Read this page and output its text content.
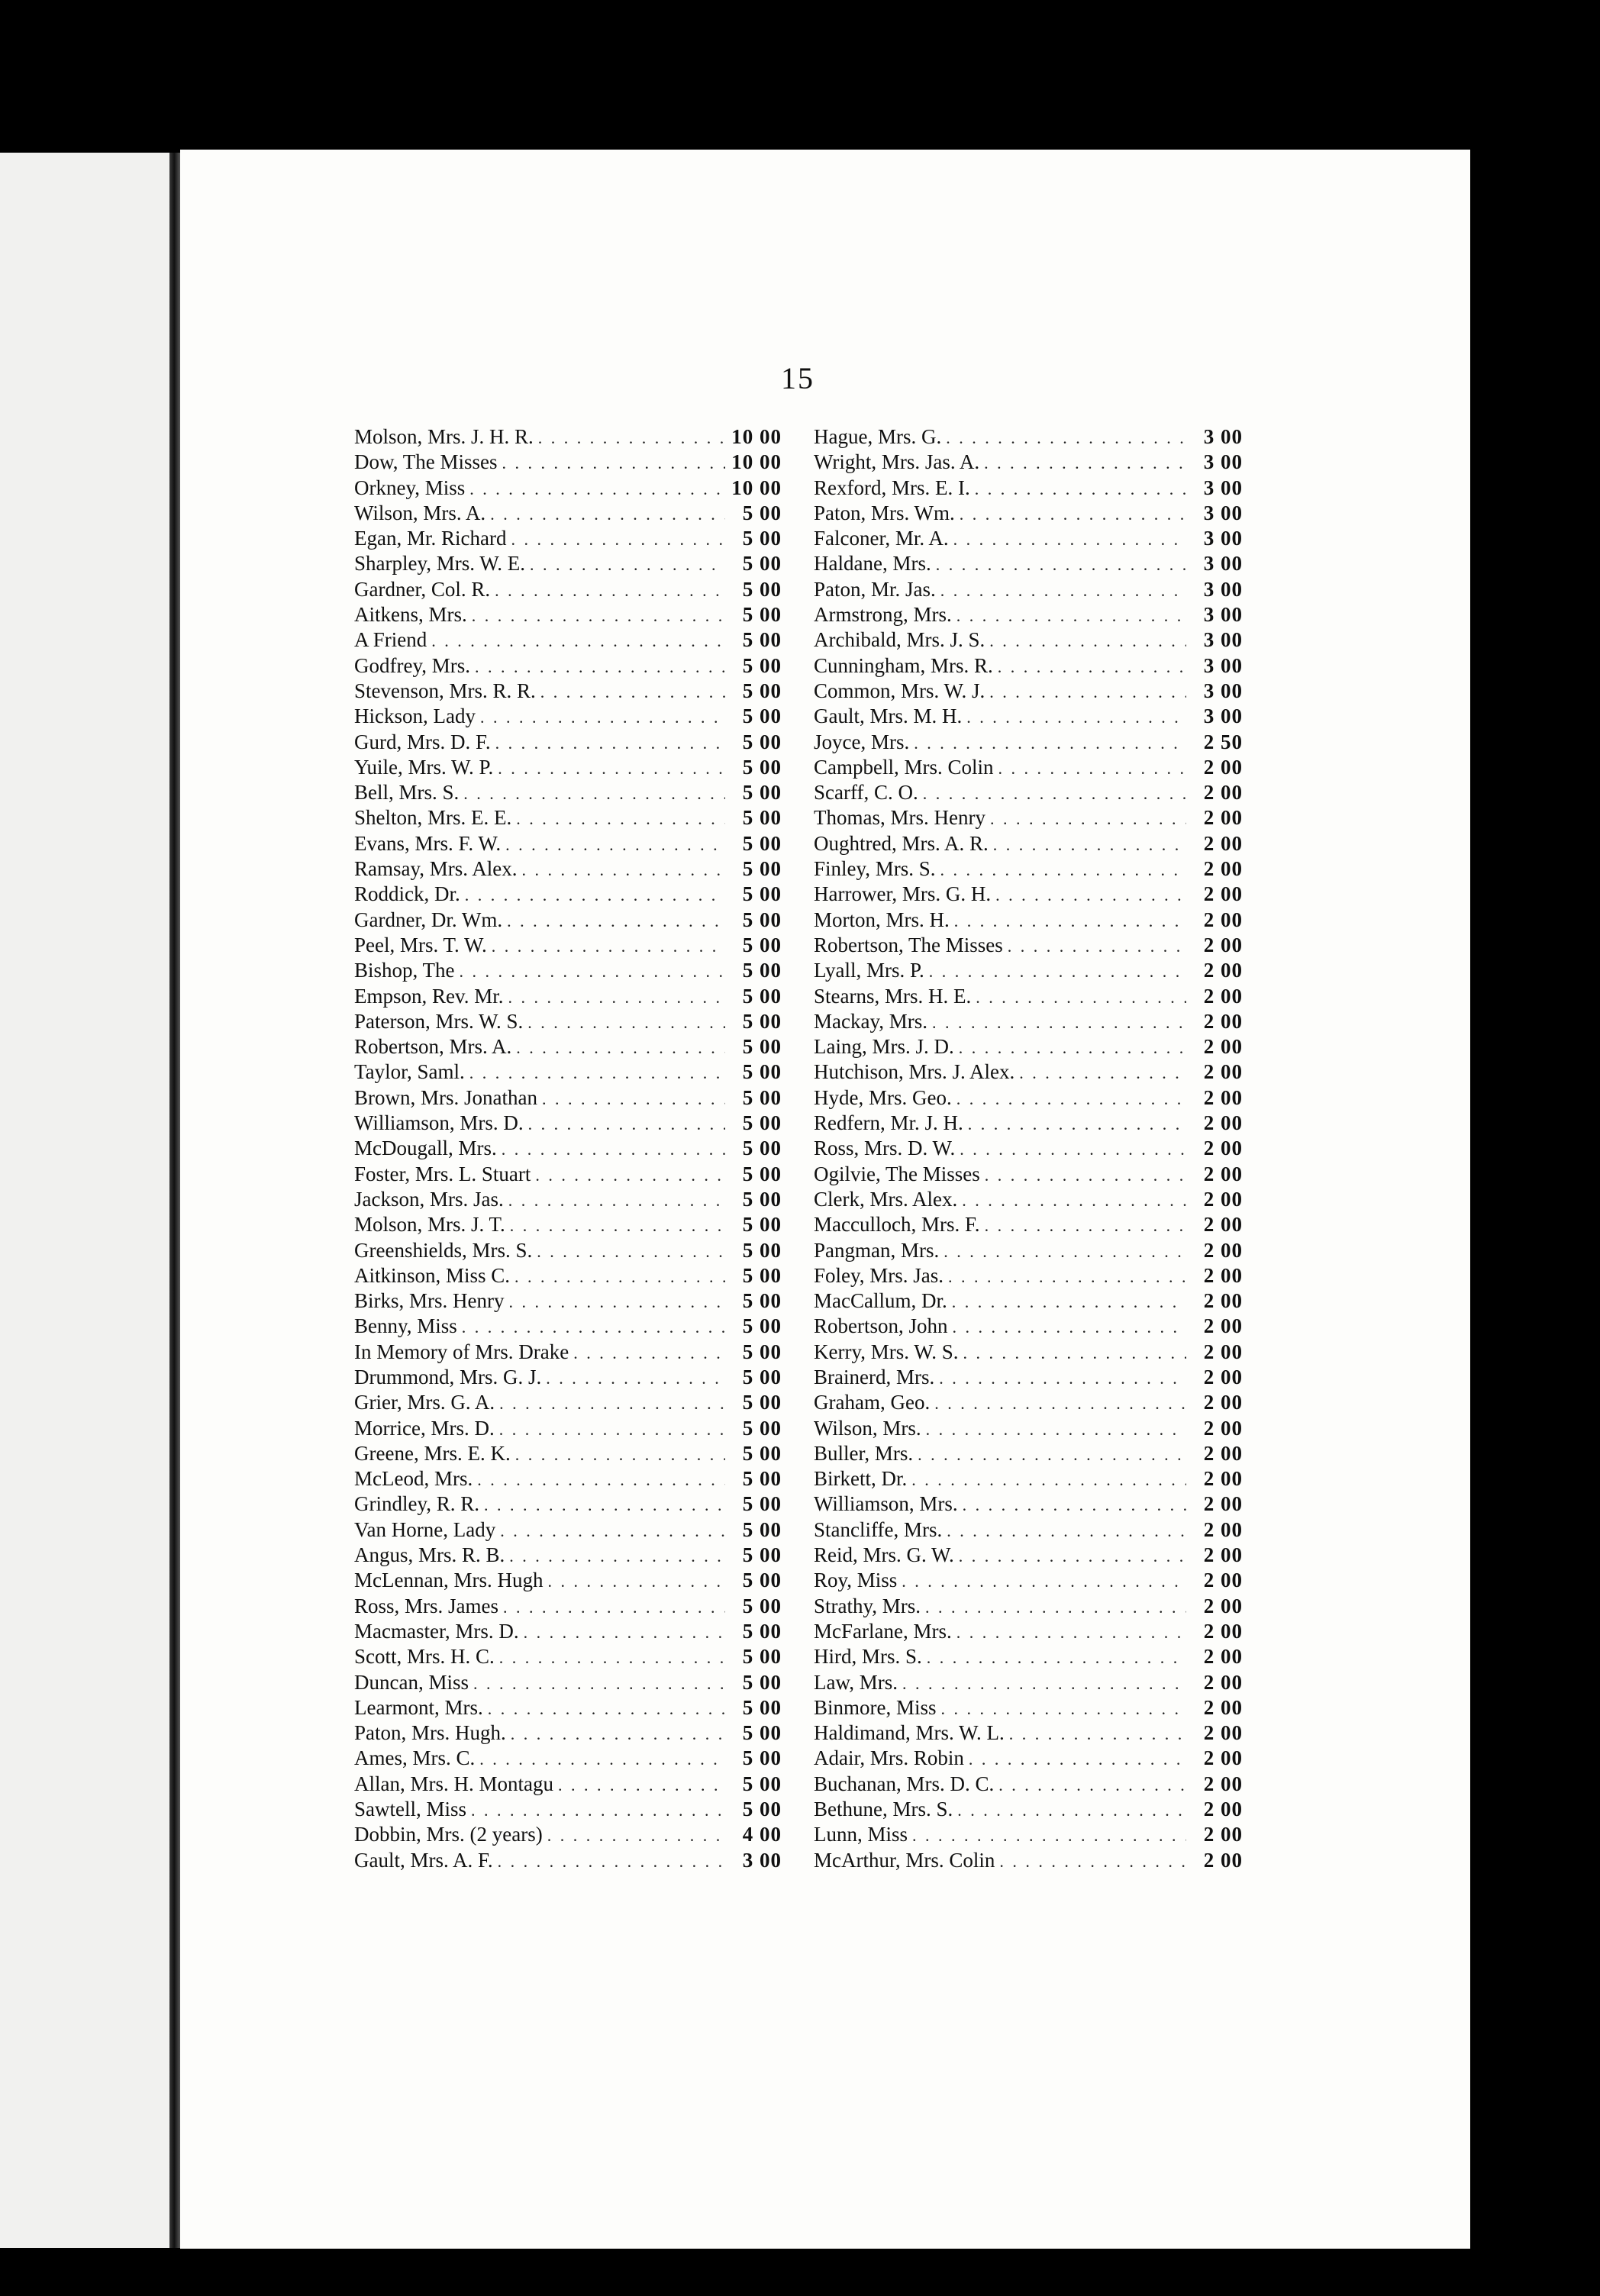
15
Molson, Mrs. J. H. R. . . .	10 00
Dow, The Misses . . .	10 00
Orkney, Miss . . .	10 00
Wilson, Mrs. A. . . .	5 00
Egan, Mr. Richard . . .	5 00
Sharpley, Mrs. W. E. . . .	5 00
Gardner, Col. R. . . .	5 00
Aitkens, Mrs. . . .	5 00
A Friend . . .	5 00
Godfrey, Mrs. . . .	5 00
Stevenson, Mrs. R. R. . . .	5 00
Hickson, Lady . . .	5 00
Gurd, Mrs. D. F. . . .	5 00
Yuile, Mrs. W. P. . . .	5 00
Bell, Mrs. S. . . .	5 00
Shelton, Mrs. E. E. . . .	5 00
Evans, Mrs. F. W. . . .	5 00
Ramsay, Mrs. Alex. . . .	5 00
Roddick, Dr. . . .	5 00
Gardner, Dr. Wm. . . .	5 00
Peel, Mrs. T. W. . . .	5 00
Bishop, The . . .	5 00
Empson, Rev. Mr. . . .	5 00
Paterson, Mrs. W. S. . . .	5 00
Robertson, Mrs. A. . . .	5 00
Taylor, Saml. . . .	5 00
Brown, Mrs. Jonathan . . .	5 00
Williamson, Mrs. D. . . .	5 00
McDougall, Mrs. . . .	5 00
Foster, Mrs. L. Stuart . . .	5 00
Jackson, Mrs. Jas. . . .	5 00
Molson, Mrs. J. T. . . .	5 00
Greenshields, Mrs. S. . . .	5 00
Aitkinson, Miss C. . . .	5 00
Birks, Mrs. Henry . . .	5 00
Benny, Miss . . .	5 00
In Memory of Mrs. Drake . . .	5 00
Drummond, Mrs. G. J. . . .	5 00
Grier, Mrs. G. A. . . .	5 00
Morrice, Mrs. D. . . .	5 00
Greene, Mrs. E. K. . . .	5 00
McLeod, Mrs. . . .	5 00
Grindley, R. R. . . .	5 00
Van Horne, Lady . . .	5 00
Angus, Mrs. R. B. . . .	5 00
McLennan, Mrs. Hugh . . .	5 00
Ross, Mrs. James . . .	5 00
Macmaster, Mrs. D. . . .	5 00
Scott, Mrs. H. C. . . .	5 00
Duncan, Miss . . .	5 00
Learmont, Mrs. . . .	5 00
Paton, Mrs. Hugh. . . .	5 00
Ames, Mrs. C. . . .	5 00
Allan, Mrs. H. Montagu . . .	5 00
Sawtell, Miss . . .	5 00
Dobbin, Mrs. (2 years) . . .	4 00
Gault, Mrs. A. F. . . .	3 00
Hague, Mrs. G. . . .	3 00
Wright, Mrs. Jas. A. . . .	3 00
Rexford, Mrs. E. I. . . .	3 00
Paton, Mrs. Wm. . . .	3 00
Falconer, Mr. A. . . .	3 00
Haldane, Mrs. . . .	3 00
Paton, Mr. Jas. . . .	3 00
Armstrong, Mrs. . . .	3 00
Archibald, Mrs. J. S. . . .	3 00
Cunningham, Mrs. R. . . .	3 00
Common, Mrs. W. J. . . .	3 00
Gault, Mrs. M. H. . . .	3 00
Joyce, Mrs. . . .	2 50
Campbell, Mrs. Colin . . .	2 00
Scarff, C. O. . . .	2 00
Thomas, Mrs. Henry . . .	2 00
Oughtred, Mrs. A. R. . . .	2 00
Finley, Mrs. S. . . .	2 00
Harrower, Mrs. G. H. . . .	2 00
Morton, Mrs. H. . . .	2 00
Robertson, The Misses . . .	2 00
Lyall, Mrs. P. . . .	2 00
Stearns, Mrs. H. E. . . .	2 00
Mackay, Mrs. . . .	2 00
Laing, Mrs. J. D. . . .	2 00
Hutchison, Mrs. J. Alex. . . .	2 00
Hyde, Mrs. Geo. . . .	2 00
Redfern, Mr. J. H. . . .	2 00
Ross, Mrs. D. W. . . .	2 00
Ogilvie, The Misses . . .	2 00
Clerk, Mrs. Alex. . . .	2 00
Macculloch, Mrs. F. . . .	2 00
Pangman, Mrs. . . .	2 00
Foley, Mrs. Jas. . . .	2 00
MacCallum, Dr. . . .	2 00
Robertson, John . . .	2 00
Kerry, Mrs. W. S. . . .	2 00
Brainerd, Mrs. . . .	2 00
Graham, Geo. . . .	2 00
Wilson, Mrs. . . .	2 00
Buller, Mrs. . . .	2 00
Birkett, Dr. . . .	2 00
Williamson, Mrs. . . .	2 00
Stancliffe, Mrs. . . .	2 00
Reid, Mrs. G. W. . . .	2 00
Roy, Miss . . .	2 00
Strathy, Mrs. . . .	2 00
McFarlane, Mrs. . . .	2 00
Hird, Mrs. S. . . .	2 00
Law, Mrs. . . .	2 00
Binmore, Miss . . .	2 00
Haldimand, Mrs. W. L. . . .	2 00
Adair, Mrs. Robin . . .	2 00
Buchanan, Mrs. D. C. . . .	2 00
Bethune, Mrs. S. . . .	2 00
Lunn, Miss . . .	2 00
McArthur, Mrs. Colin . . .	2 00
